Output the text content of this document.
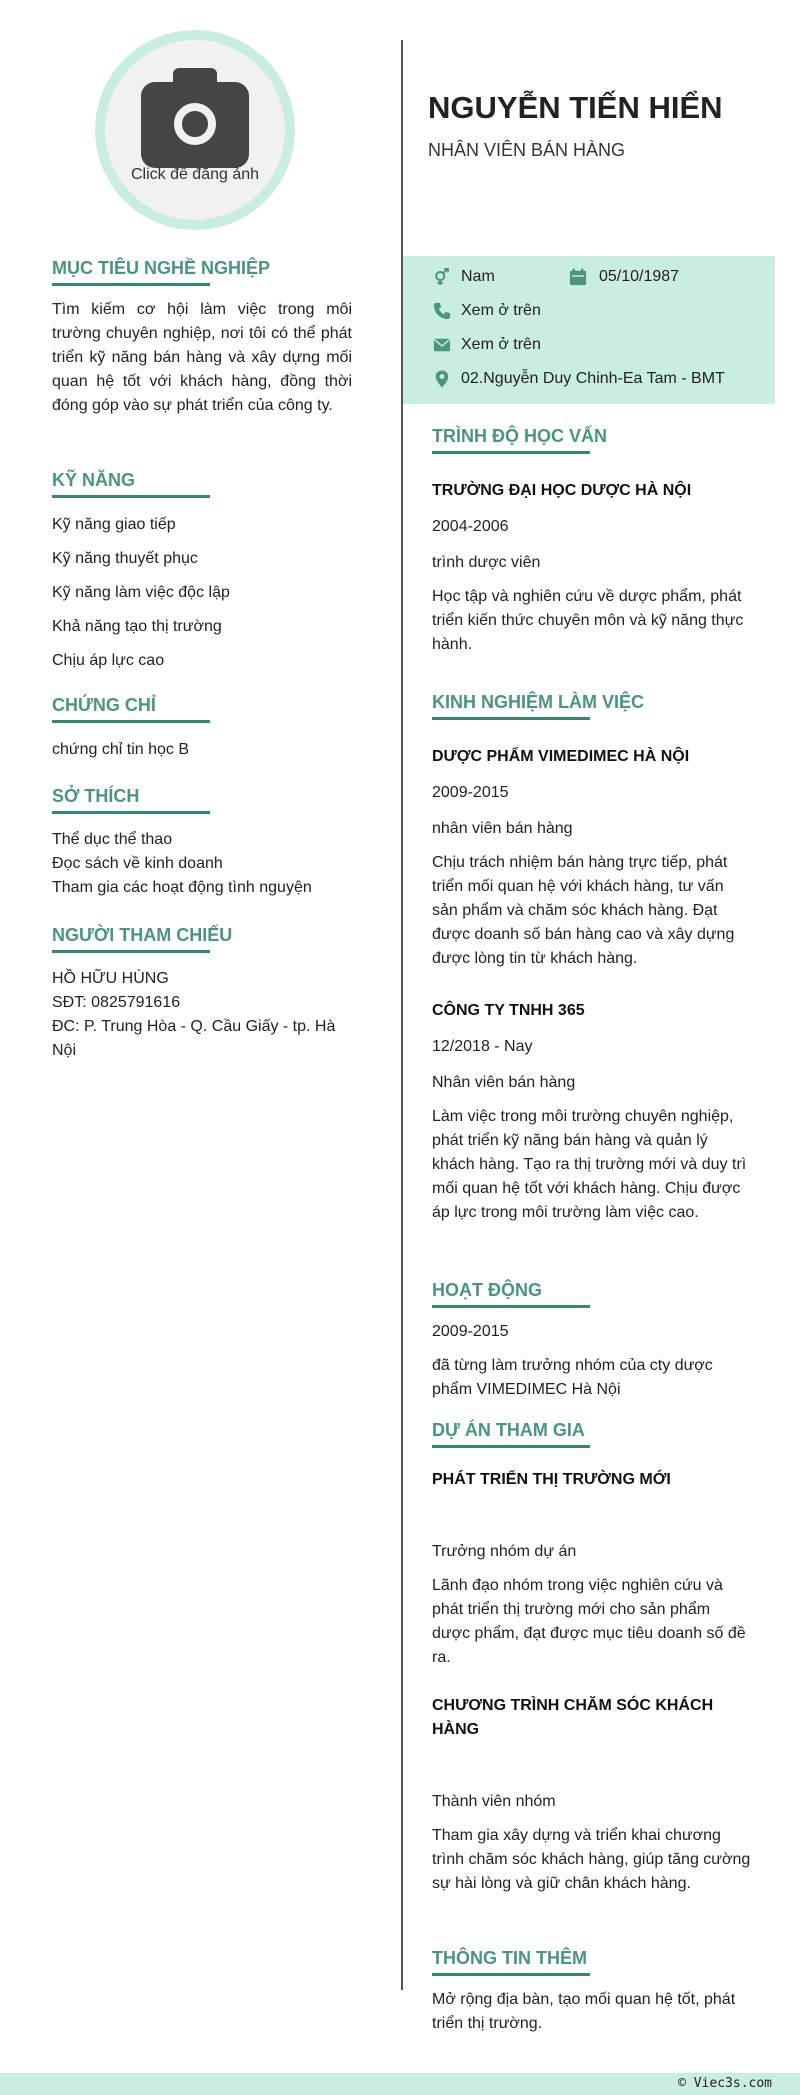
Click để đăng ảnh
MỤC TIÊU NGHỀ NGHIỆP
Tìm kiếm cơ hội làm việc trong môi trường chuyên nghiệp, nơi tôi có thể phát triển kỹ năng bán hàng và xây dựng mối quan hệ tốt với khách hàng, đồng thời đóng góp vào sự phát triển của công ty.
KỸ NĂNG
Kỹ năng giao tiếp
Kỹ năng thuyết phục
Kỹ năng làm việc độc lập
Khả năng tạo thị trường
Chịu áp lực cao
CHỨNG CHỈ
chứng chỉ tin học B
SỞ THÍCH
Thể dục thể thao
Đọc sách về kinh doanh
Tham gia các hoạt động tình nguyện
NGƯỜI THAM CHIẾU
HỒ HỮU HÙNG
SĐT: 0825791616
ĐC: P. Trung Hòa - Q. Cầu Giấy - tp. Hà Nội
NGUYỄN TIẾN HIỂN
NHÂN VIÊN BÁN HÀNG
Nam	05/10/1987
Xem ở trên
Xem ở trên
02.Nguyễn Duy Chinh-Ea Tam - BMT
TRÌNH ĐỘ HỌC VẤN
TRƯỜNG ĐẠI HỌC DƯỢC HÀ NỘI
2004-2006
trình dược viên
Học tập và nghiên cứu về dược phẩm, phát triển kiến thức chuyên môn và kỹ năng thực hành.
KINH NGHIỆM LÀM VIỆC
DƯỢC PHẨM VIMEDIMEC HÀ NỘI
2009-2015
nhân viên bán hàng
Chịu trách nhiệm bán hàng trực tiếp, phát triển mối quan hệ với khách hàng, tư vấn sản phẩm và chăm sóc khách hàng. Đạt được doanh số bán hàng cao và xây dựng được lòng tin từ khách hàng.
CÔNG TY TNHH 365
12/2018 - Nay
Nhân viên bán hàng
Làm việc trong môi trường chuyên nghiệp, phát triển kỹ năng bán hàng và quản lý khách hàng. Tạo ra thị trường mới và duy trì mối quan hệ tốt với khách hàng. Chịu được áp lực trong môi trường làm việc cao.
HOẠT ĐỘNG
2009-2015
đã từng làm trưởng nhóm của cty dược phẩm VIMEDIMEC Hà Nội
DỰ ÁN THAM GIA
PHÁT TRIỂN THỊ TRƯỜNG MỚI
Trưởng nhóm dự án
Lãnh đạo nhóm trong việc nghiên cứu và phát triển thị trường mới cho sản phẩm dược phẩm, đạt được mục tiêu doanh số đề ra.
CHƯƠNG TRÌNH CHĂM SÓC KHÁCH HÀNG
Thành viên nhóm
Tham gia xây dựng và triển khai chương trình chăm sóc khách hàng, giúp tăng cường sự hài lòng và giữ chân khách hàng.
THÔNG TIN THÊM
Mở rộng địa bàn, tạo mối quan hệ tốt, phát triển thị trường.
© Viec3s.com
